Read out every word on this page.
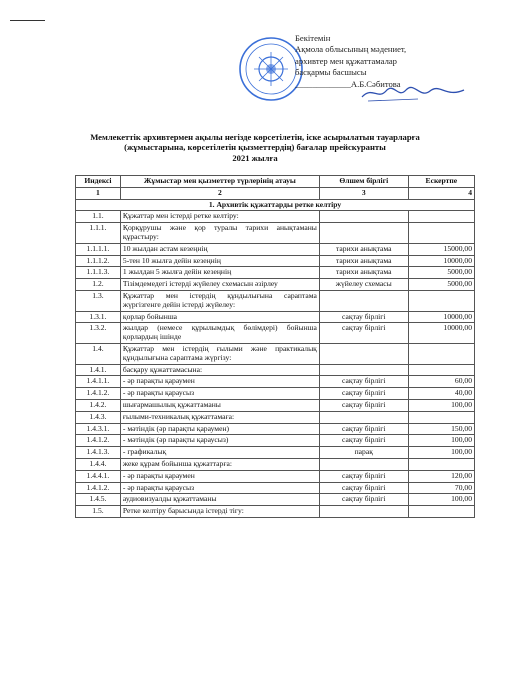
Бекітемін
Ақмола облысының мәдениет,
архивтер мен құжаттамалар
басқармы басшысы
_____________А.Б.Сәбитова
Мемлекеттік архивтермен ақылы негізде көрсетілетін, іске асырылатын тауарларға
(жұмыстарына, көрсетілетін қызметтердің) бағалар прейскуранты
2021 жылға
Индексі	Жұмыстар мен қызметтер түрлерінің атауы	Өлшем бірлігі	Ескертпе
1	2	3	4
1. Архивтік құжаттарды ретке келтіру			
1.1.	Құжаттар мен істерді ретке келтіру:		
1.1.1.	Қорқұрушы және қор туралы тарихи анықтаманы құрастыру:		
1.1.1.1.	10 жылдан астам кезеңнің	тарихи анықтама	15000,00
1.1.1.2.	5-тен 10 жылға дейін кезеңнің	тарихи анықтама	10000,00
1.1.1.3.	1 жылдан 5 жылға дейін кезеңнің	тарихи анықтама	5000,00
1.2.	Тізімдемедегі істерді жүйелеу схемасын әзірлеу	жүйелеу схемасы	5000,00
1.3.	Құжаттар мен істердің құндылығына сараптама жүргізгенге дейін істерді жүйелеу:		
1.3.1.	қорлар бойынша	сақтау бірлігі	10000,00
1.3.2.	жылдар (немесе құрылымдық бөлімдері) бойынша қорлардың ішінде	сақтау бірлігі	10000,00
1.4.	Құжаттар мен істердің ғылыми және практикалық құндылығына сараптама жүргізу:		
1.4.1.	басқару құжаттамасына:		
1.4.1.1.	- әр парақты қараумен	сақтау бірлігі	60,00
1.4.1.2.	- әр парақты қараусыз	сақтау бірлігі	40,00
1.4.2.	шығармашылық құжаттаманы	сақтау бірлігі	100,00
1.4.3.	ғылыми-техникалық құжаттамаға:		
1.4.3.1.	- мәтіндік (әр парақты қараумен)	сақтау бірлігі	150,00
1.4.1.2.	- мәтіндік (әр парақты қараусыз)	сақтау бірлігі	100,00
1.4.1.3.	- графикалық	парақ	100,00
1.4.4.	жеке құрам бойынша құжаттарға:		
1.4.4.1.	- әр парақты қараумен	сақтау бірлігі	120,00
1.4.1.2.	- әр парақты қараусыз	сақтау бірлігі	70,00
1.4.5.	аудиовизуалды құжаттаманы	сақтау бірлігі	100,00
1.5.	Ретке келтіру барысында істерді тігу:		
